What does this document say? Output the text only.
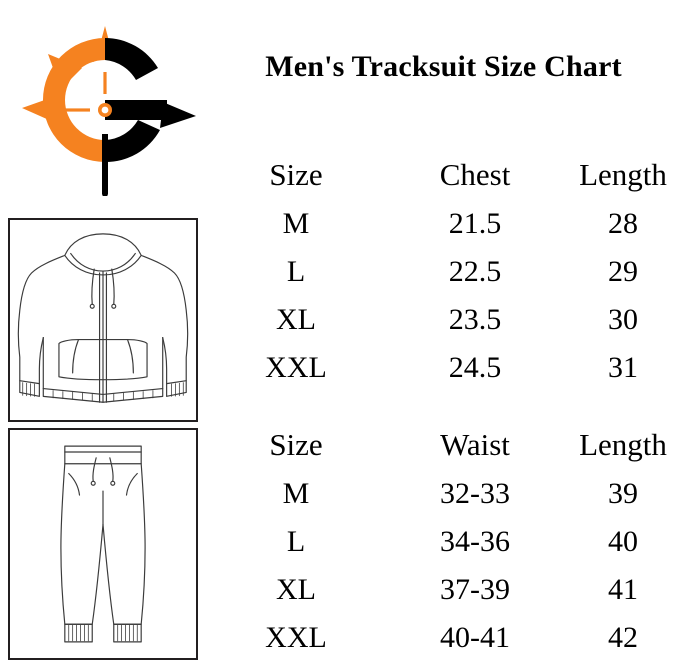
Men's Tracksuit Size Chart
Size	Chest	Length
M	21.5	28
L	22.5	29
XL	23.5	30
XXL	24.5	31
Size	Waist	Length
M	32-33	39
L	34-36	40
XL	37-39	41
XXL	40-41	42
